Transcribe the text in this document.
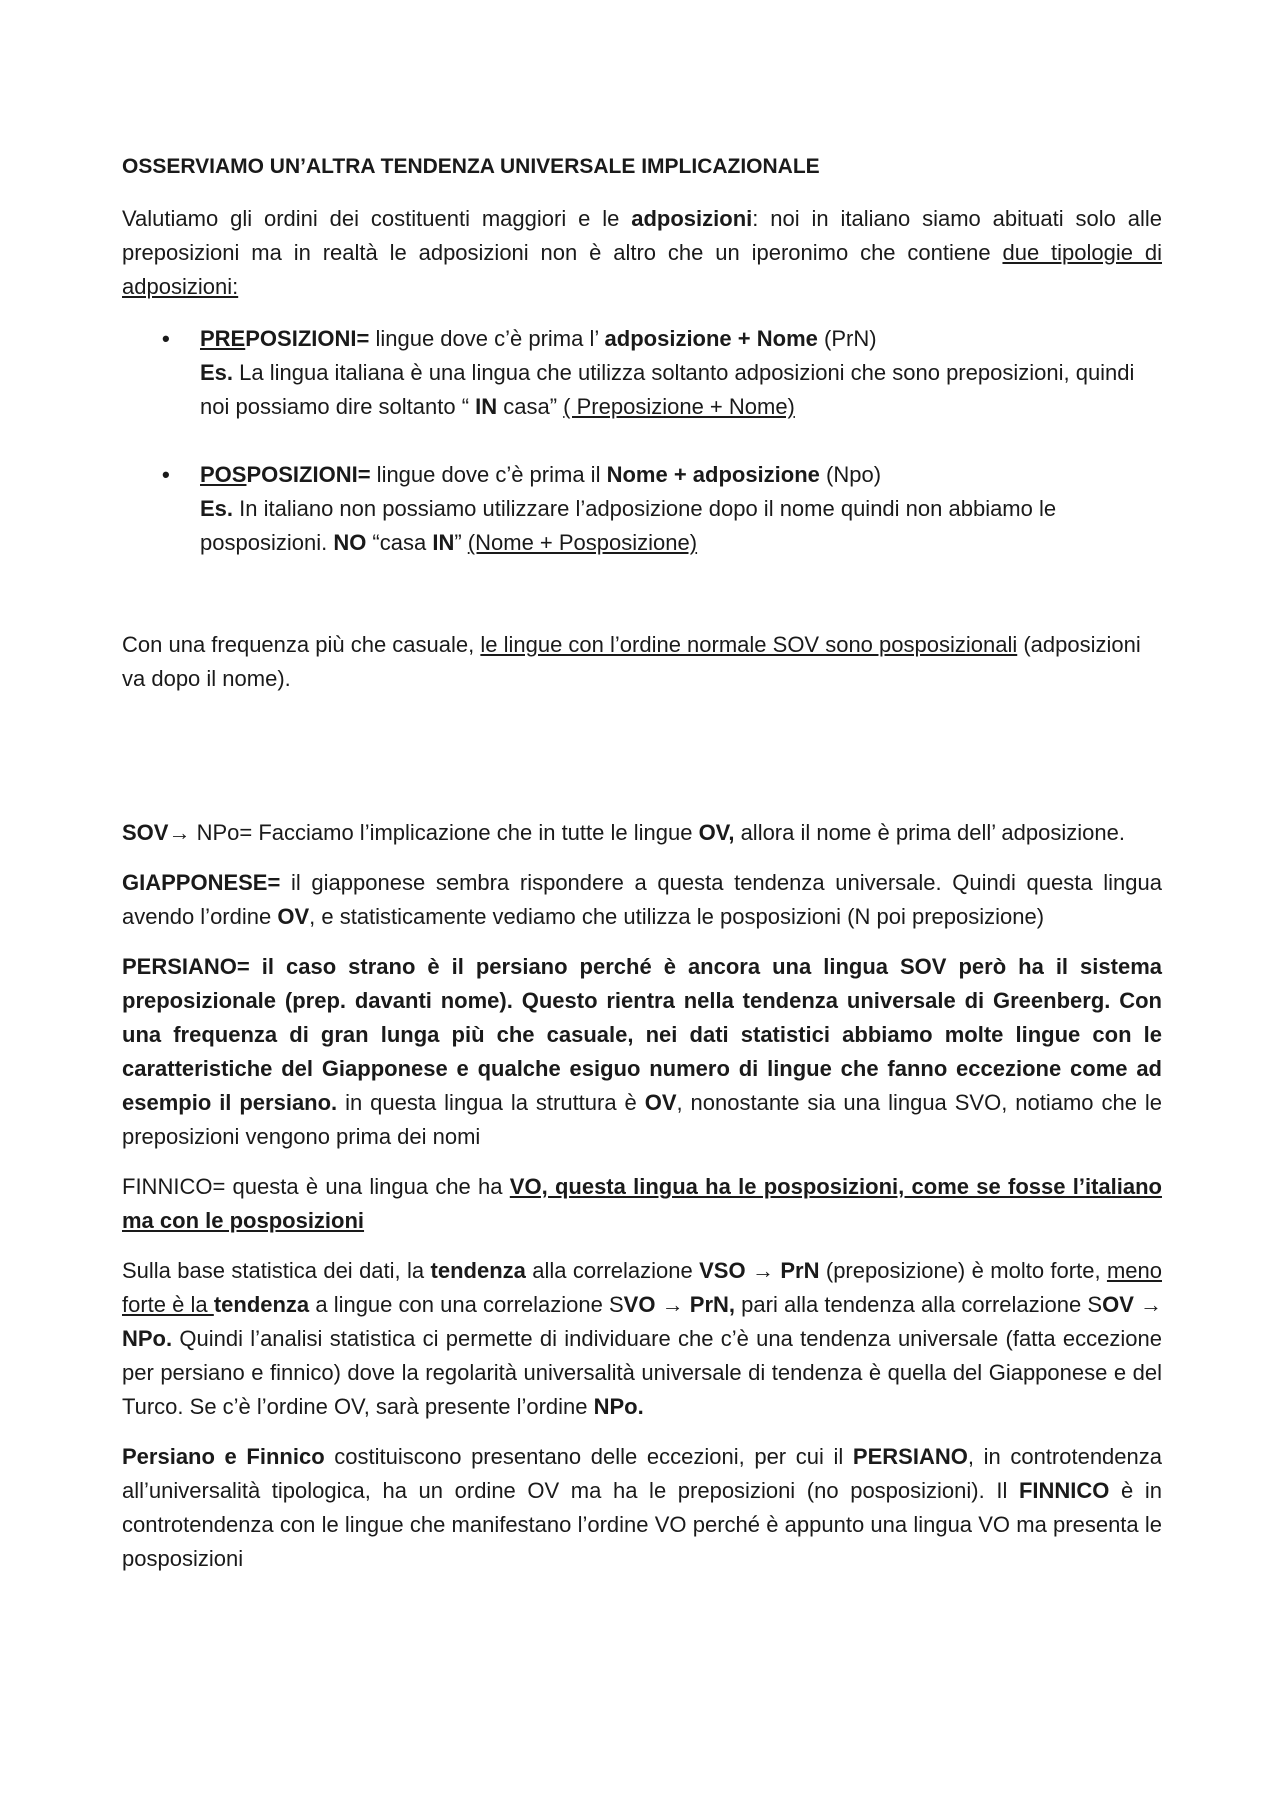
OSSERVIAMO UN’ALTRA TENDENZA UNIVERSALE IMPLICAZIONALE

Valutiamo gli ordini dei costituenti maggiori e le adposizioni: noi in italiano siamo abituati solo alle preposizioni ma in realtà le adposizioni non è altro che un iperonimo che contiene due tipologie di adposizioni:

• PREPOSIZIONI= lingue dove c’è prima l’ adposizione + Nome (PrN)
Es. La lingua italiana è una lingua che utilizza soltanto adposizioni che sono preposizioni, quindi noi possiamo dire soltanto “ IN casa” ( Preposizione + Nome)
• POSPOSIZIONI= lingue dove c’è prima il Nome + adposizione (Npo)
Es. In italiano non possiamo utilizzare l’adposizione dopo il nome quindi non abbiamo le posposizioni. NO “casa IN” (Nome + Posposizione)

Con una frequenza più che casuale, le lingue con l’ordine normale SOV sono posposizionali (adposizioni va dopo il nome).

SOV→ NPo= Facciamo l’implicazione che in tutte le lingue OV, allora il nome è prima dell’ adposizione.

GIAPPONESE= il giapponese sembra rispondere a questa tendenza universale. Quindi questa lingua avendo l’ordine OV, e statisticamente vediamo che utilizza le posposizioni (N poi preposizione)

PERSIANO= il caso strano è il persiano perché è ancora una lingua SOV però ha il sistema preposizionale (prep. davanti nome). Questo rientra nella tendenza universale di Greenberg. Con una frequenza di gran lunga più che casuale, nei dati statistici abbiamo molte lingue con le caratteristiche del Giapponese e qualche esiguo numero di lingue che fanno eccezione come ad esempio il persiano. in questa lingua la struttura è OV, nonostante sia una lingua SVO, notiamo che le preposizioni vengono prima dei nomi

FINNICO= questa è una lingua che ha VO, questa lingua ha le posposizioni, come se fosse l’italiano ma con le posposizioni

Sulla base statistica dei dati, la tendenza alla correlazione VSO → PrN (preposizione) è molto forte, meno forte è la tendenza a lingue con una correlazione SVO → PrN, pari alla tendenza alla correlazione SOV → NPo. Quindi l’analisi statistica ci permette di individuare che c’è una tendenza universale (fatta eccezione per persiano e finnico) dove la regolarità universalità universale di tendenza è quella del Giapponese e del Turco. Se c’è l’ordine OV, sarà presente l’ordine NPo.

Persiano e Finnico costituiscono presentano delle eccezioni, per cui il PERSIANO, in controtendenza all’universalità tipologica, ha un ordine OV ma ha le preposizioni (no posposizioni). Il FINNICO è in controtendenza con le lingue che manifestano l’ordine VO perché è appunto una lingua VO ma presenta le posposizioni
